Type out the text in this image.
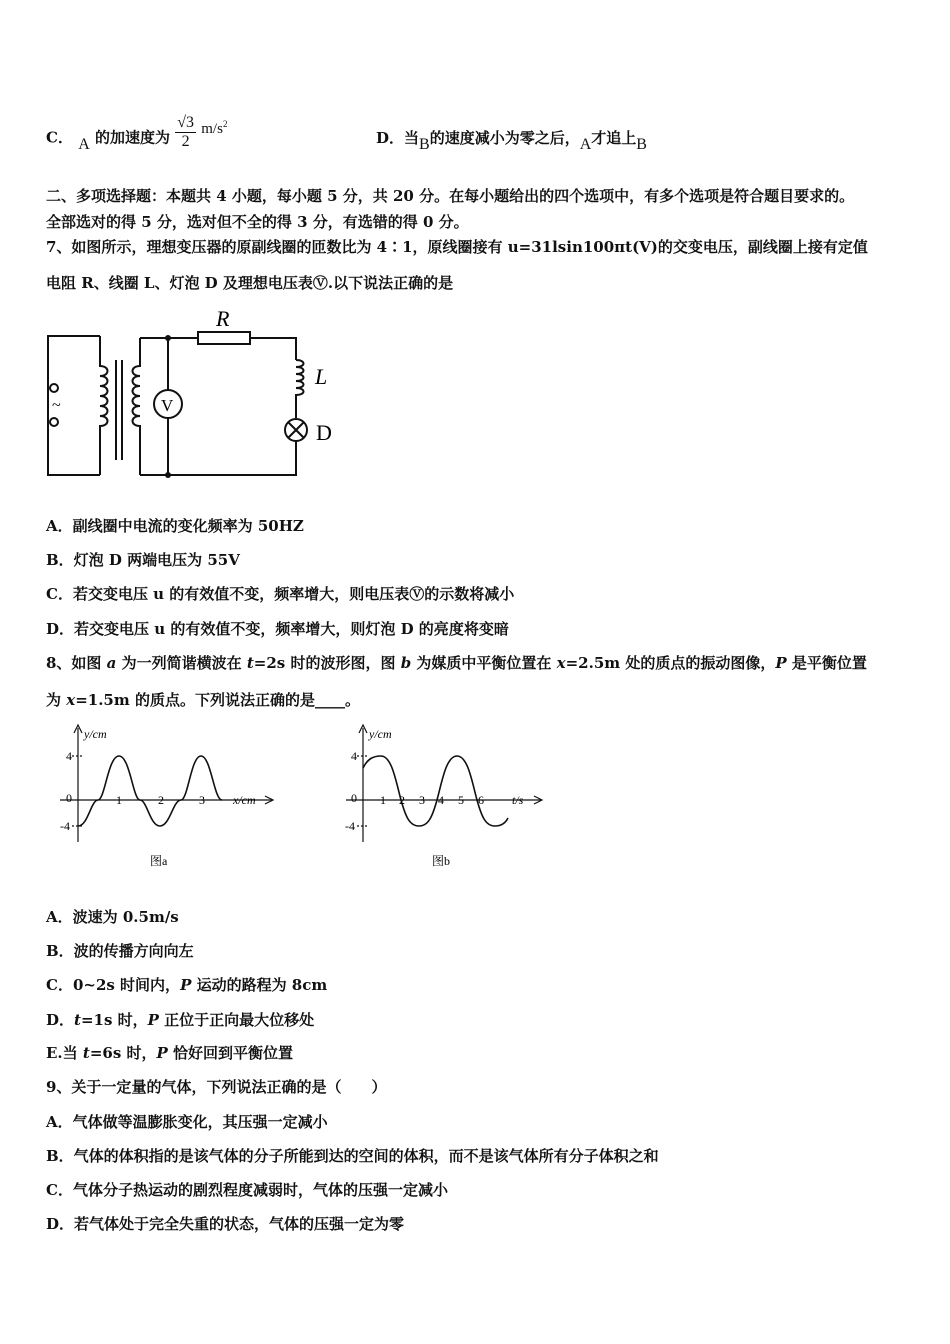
C． A 的加速度为 $\frac{√3}{2} m/s^2$
D．当B的速度减小为零之后，A才追上B
二、多项选择题：本题共 4 小题，每小题 5 分，共 20 分。在每小题给出的四个选项中，有多个选项是符合题目要求的。
全部选对的得 5 分，选对但不全的得 3 分，有选错的得 0 分。
7、如图所示，理想变压器的原副线圈的匝数比为 4∶1，原线圈接有 u=31lsin100πt(V)的交变电压，副线圈上接有定值
电阻 R、线圈 L、灯泡 D 及理想电压表Ⓥ.以下说法正确的是
~
R
L
D
V
A．副线圈中电流的变化频率为 50HZ
B．灯泡 D 两端电压为 55V
C．若交变电压 u 的有效值不变，频率增大，则电压表Ⓥ的示数将减小
D．若交变电压 u 的有效值不变，频率增大，则灯泡 D 的亮度将变暗
8、如图 a 为一列简谐横波在 t=2s 时的波形图，图 b 为媒质中平衡位置在 x=2.5m 处的质点的振动图像，P 是平衡位置
为 x=1.5m 的质点。下列说法正确的是____。
y/cm
4
-4
0	1	2	3 x/cm
图a
y/cm
4
-4
0 1 2 3 4 5 6 t/s
图b
A．波速为 0.5m/s
B．波的传播方向向左
C．0~2s 时间内，P 运动的路程为 8cm
D．t=1s 时，P 正位于正向最大位移处
E.当 t=6s 时，P 恰好回到平衡位置
9、关于一定量的气体，下列说法正确的是（　　）
A．气体做等温膨胀变化，其压强一定减小
B．气体的体积指的是该气体的分子所能到达的空间的体积，而不是该气体所有分子体积之和
C．气体分子热运动的剧烈程度减弱时，气体的压强一定减小
D．若气体处于完全失重的状态，气体的压强一定为零
